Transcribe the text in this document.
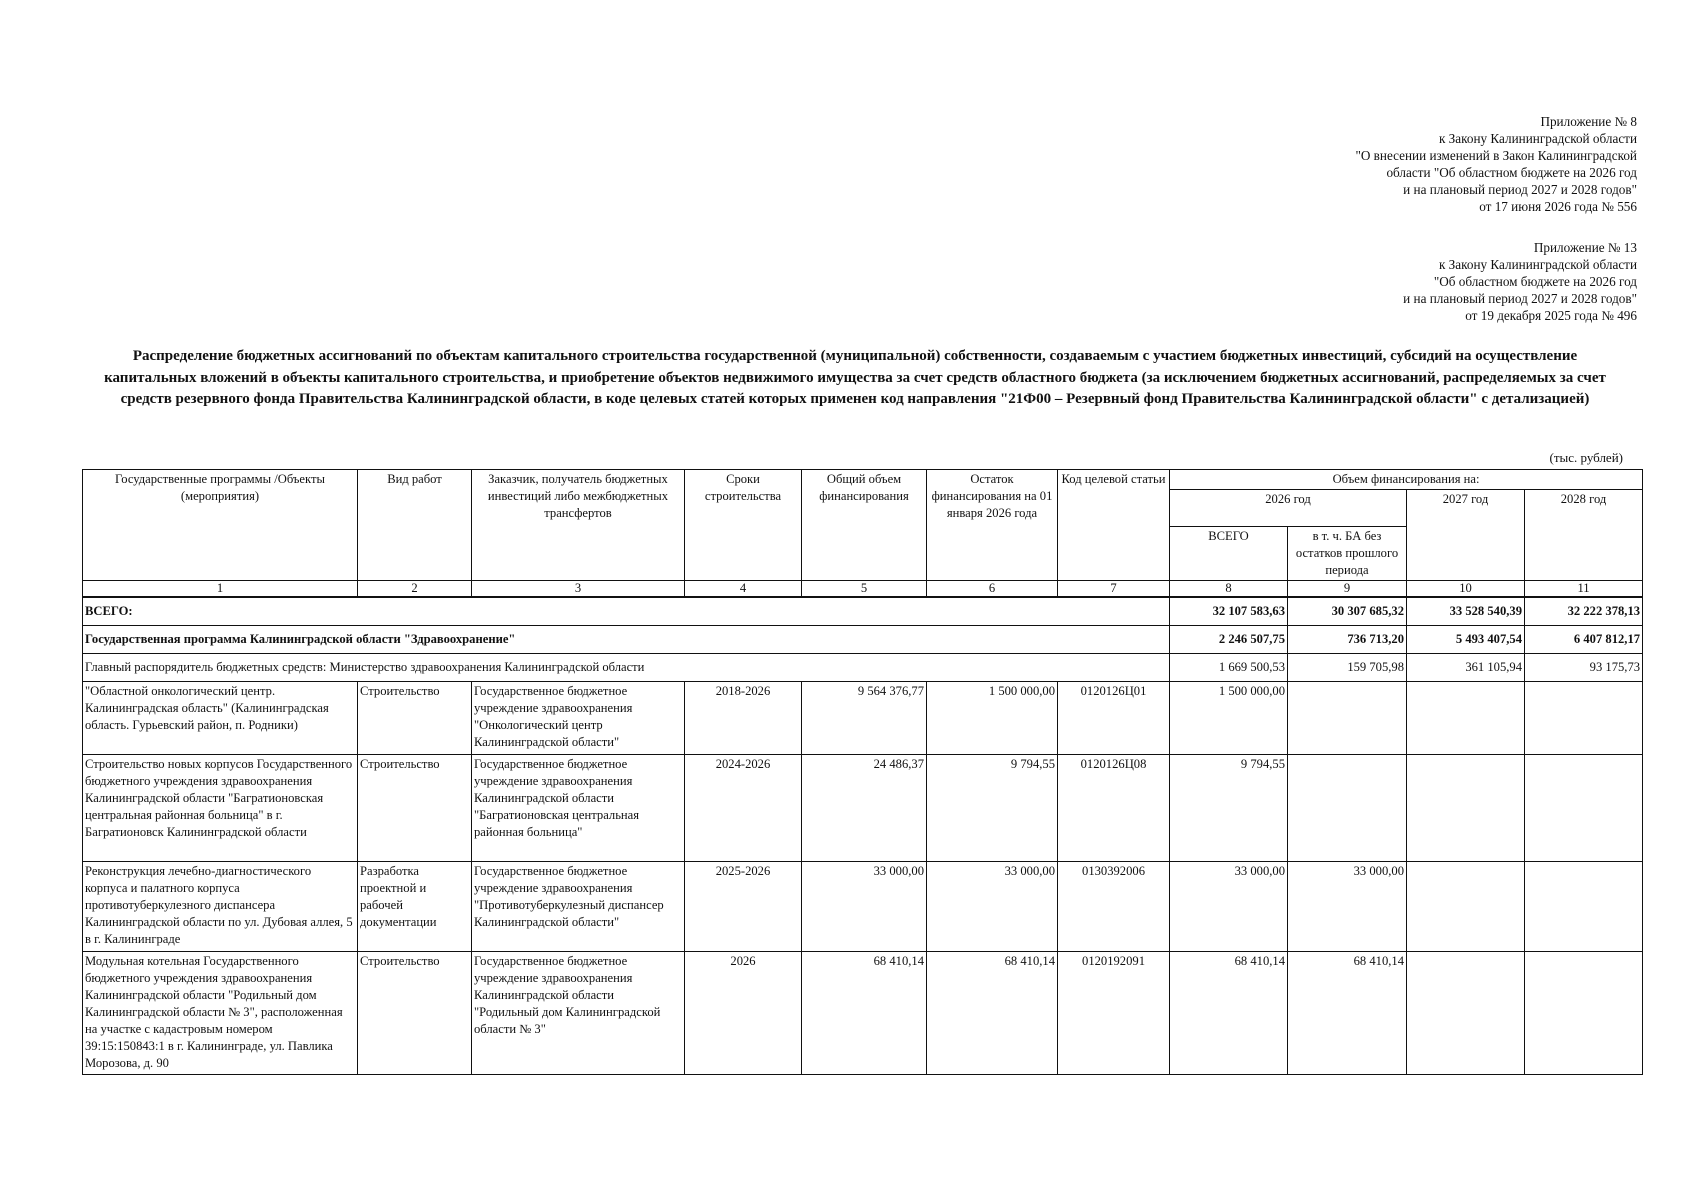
Приложение № 8
к Закону Калининградской области
"О внесении изменений в Закон Калининградской
области "Об областном бюджете на 2026 год
и на плановый период 2027 и 2028 годов"
от 17 июня 2026 года № 556
Приложение № 13
к Закону Калининградской области
"Об областном бюджете на 2026 год
и на плановый период 2027 и 2028 годов"
от 19 декабря 2025 года № 496
Распределение бюджетных ассигнований по объектам капитального строительства государственной (муниципальной) собственности, создаваемым с участием бюджетных инвестиций, субсидий на осуществление капитальных вложений в объекты капитального строительства, и приобретение объектов недвижимого имущества за счет средств областного бюджета (за исключением бюджетных ассигнований, распределяемых за счет средств резервного фонда Правительства Калининградской области, в коде целевых статей которых применен код направления "21Ф00 – Резервный фонд Правительства Калининградской области" с детализацией)
(тыс. рублей)
Государственные программы /Объекты (мероприятия)	Вид работ	Заказчик, получатель бюджетных инвестиций либо межбюджетных трансфертов	Сроки строительства	Общий объем финансирования	Остаток финансирования на 01 января 2026 года	Код целевой статьи	Объем финансирования на:			
							2026 год		2027 год	2028 год
							ВСЕГО	в т. ч. БА без остатков прошлого периода		
1	2	3	4	5	6	7	8	9	10	11
ВСЕГО:							32 107 583,63	30 307 685,32	33 528 540,39	32 222 378,13
Государственная программа Калининградской области "Здравоохранение"							2 246 507,75	736 713,20	5 493 407,54	6 407 812,17
Главный распорядитель бюджетных средств: Министерство здравоохранения Калининградской области							1 669 500,53	159 705,98	361 105,94	93 175,73
"Областной онкологический центр. Калининградская область" (Калининградская область. Гурьевский район, п. Родники)	Строительство	Государственное бюджетное учреждение здравоохранения "Онкологический центр Калининградской области"	2018-2026	9 564 376,77	1 500 000,00	0120126Ц01	1 500 000,00			
Строительство новых корпусов Государственного бюджетного учреждения здравоохранения Калининградской области "Багратионовская центральная районная больница" в г. Багратионовск Калининградской области	Строительство	Государственное бюджетное учреждение здравоохранения Калининградской области "Багратионовская центральная районная больница"	2024-2026	24 486,37	9 794,55	0120126Ц08	9 794,55			
Реконструкция лечебно-диагностического корпуса и палатного корпуса противотуберкулезного диспансера Калининградской области по ул. Дубовая аллея, 5 в г. Калининграде	Разработка проектной и рабочей документации	Государственное бюджетное учреждение здравоохранения "Противотуберкулезный диспансер Калининградской области"	2025-2026	33 000,00	33 000,00	0130392006	33 000,00	33 000,00		
Модульная котельная Государственного бюджетного учреждения здравоохранения Калининградской области "Родильный дом Калининградской области № 3", расположенная на участке с кадастровым номером 39:15:150843:1 в г. Калининграде, ул. Павлика Морозова, д. 90	Строительство	Государственное бюджетное учреждение здравоохранения Калининградской области "Родильный дом Калининградской области № 3"	2026	68 410,14	68 410,14	0120192091	68 410,14	68 410,14		
